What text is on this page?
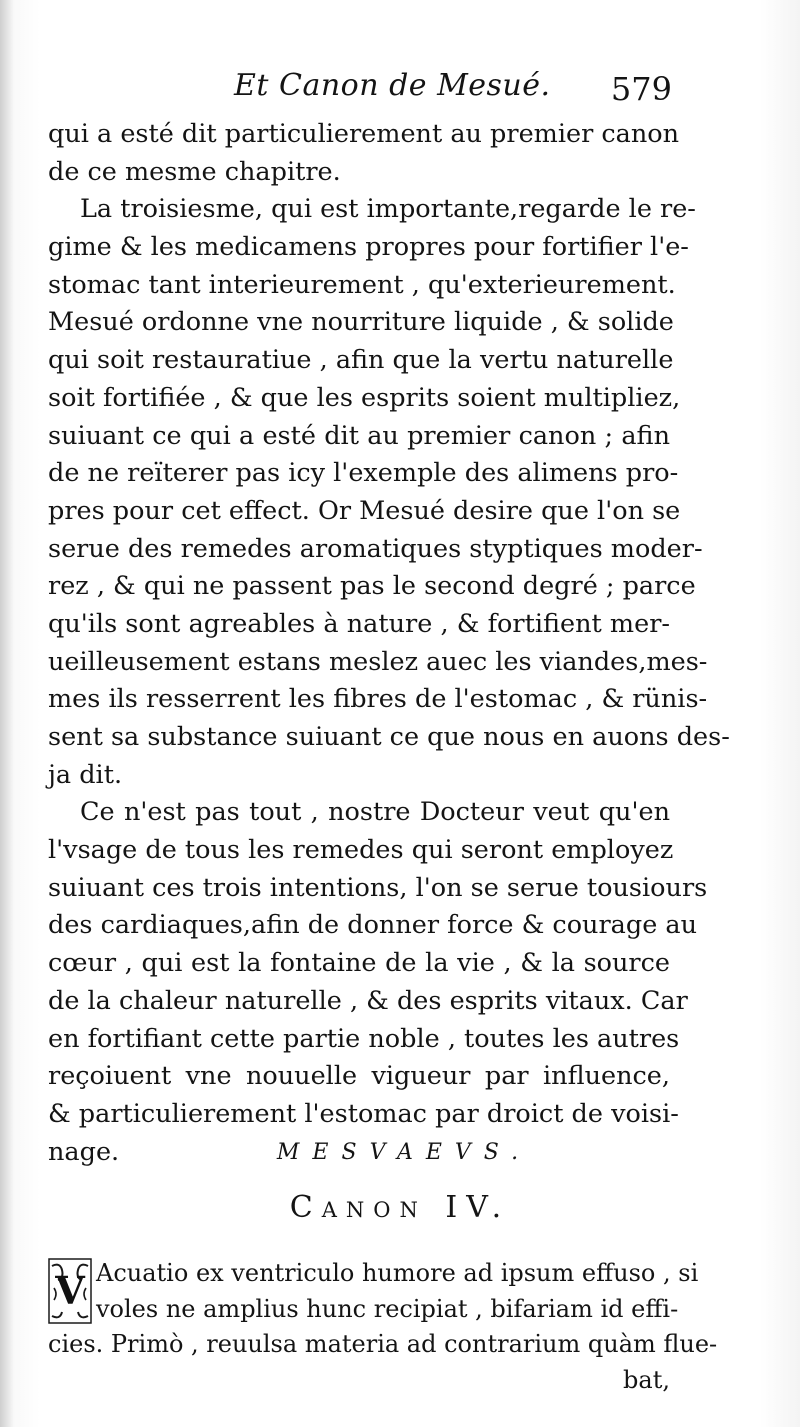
Et Canon de Mesué. 579
qui a esté dit particulierement au premier canon
de ce mesme chapitre.
La troisiesme, qui est importante,regarde le re-
gime & les medicamens propres pour fortifier l'e-
stomac tant interieurement , qu'exterieurement.
Mesué ordonne vne nourriture liquide , & solide
qui soit restauratiue , afin que la vertu naturelle
soit fortifiée , & que les esprits soient multipliez,
suiuant ce qui a esté dit au premier canon ; afin
de ne reïterer pas icy l'exemple des alimens pro-
pres pour cet effect. Or Mesué desire que l'on se
serue des remedes aromatiques styptiques moder-
rez , & qui ne passent pas le second degré ; parce
qu'ils sont agreables à nature , & fortifient mer-
ueilleusement estans meslez auec les viandes,mes-
mes ils resserrent les fibres de l'estomac , & rünis-
sent sa substance suiuant ce que nous en auons des-
ja dit.
Ce n'est pas tout , nostre Docteur veut qu'en
l'vsage de tous les remedes qui seront employez
suiuant ces trois intentions, l'on se serue tousiours
des cardiaques,afin de donner force & courage au
cœur , qui est la fontaine de la vie , & la source
de la chaleur naturelle , & des esprits vitaux. Car
en fortifiant cette partie noble , toutes les autres
reçoiuent vne nouuelle vigueur par influence,
& particulierement l'estomac par droict de voisi-
nage.	MESVAEVS.
Canon IV.
V Acuatio ex ventriculo humore ad ipsum effuso , si
voles ne amplius hunc recipiat , bifariam id effi-
cies. Primò , reuulsa materia ad contrarium quàm flue-
bat,
